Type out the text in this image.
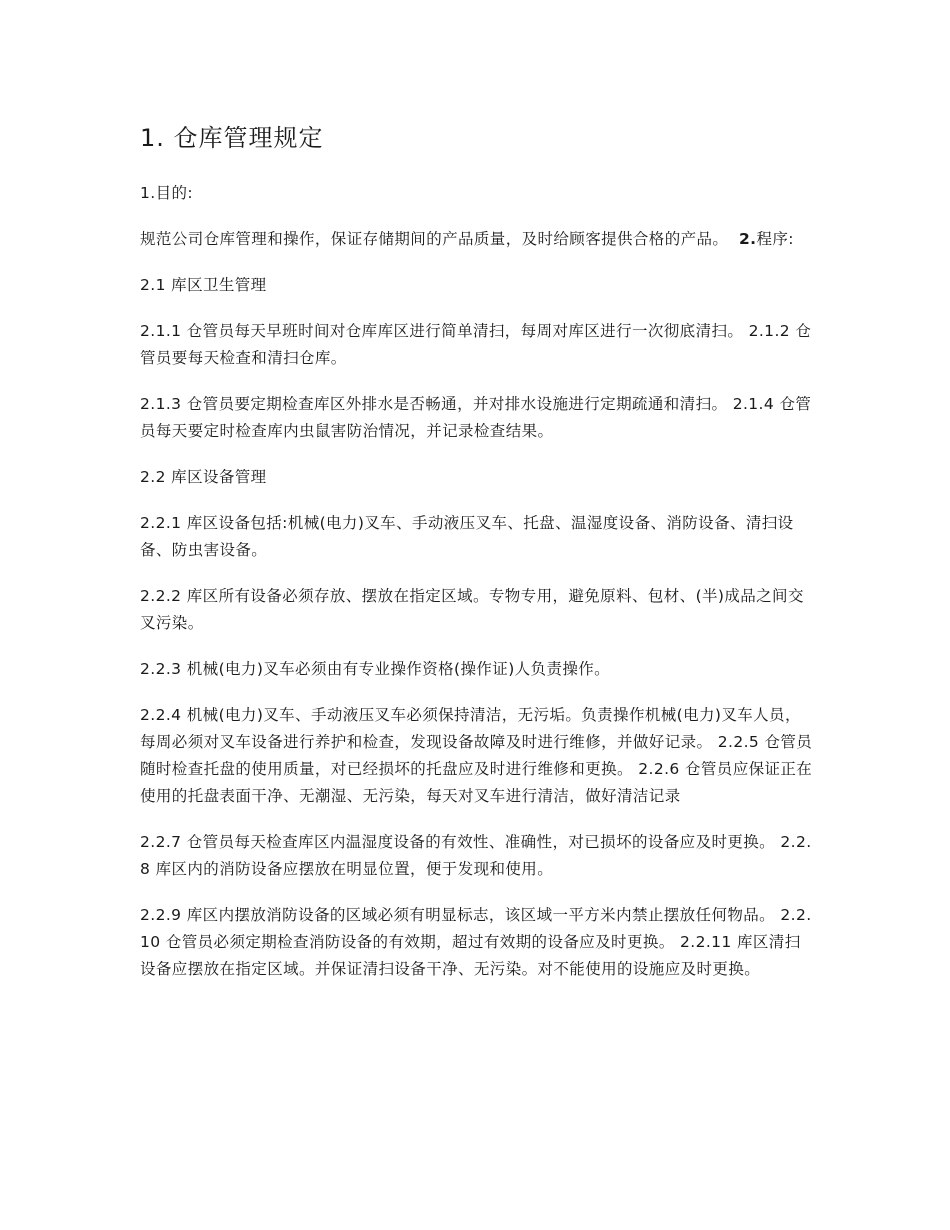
1. 仓库管理规定

1.目的:

规范公司仓库管理和操作，保证存储期间的产品质量，及时给顾客提供合格的产品。 2.程序:

2.1 库区卫生管理

2.1.1 仓管员每天早班时间对仓库库区进行简单清扫，每周对库区进行一次彻底清扫。 2.1.2 仓管员要每天检查和清扫仓库。

2.1.3 仓管员要定期检查库区外排水是否畅通，并对排水设施进行定期疏通和清扫。 2.1.4 仓管员每天要定时检查库内虫鼠害防治情况，并记录检查结果。

2.2 库区设备管理

2.2.1 库区设备包括:机械(电力)叉车、手动液压叉车、托盘、温湿度设备、消防设备、清扫设备、防虫害设备。

2.2.2 库区所有设备必须存放、摆放在指定区域。专物专用，避免原料、包材、(半)成品之间交叉污染。

2.2.3 机械(电力)叉车必须由有专业操作资格(操作证)人负责操作。

2.2.4 机械(电力)叉车、手动液压叉车必须保持清洁，无污垢。负责操作机械(电力)叉车人员，每周必须对叉车设备进行养护和检查，发现设备故障及时进行维修，并做好记录。 2.2.5 仓管员随时检查托盘的使用质量，对已经损坏的托盘应及时进行维修和更换。 2.2.6 仓管员应保证正在使用的托盘表面干净、无潮湿、无污染，每天对叉车进行清洁，做好清洁记录

2.2.7 仓管员每天检查库区内温湿度设备的有效性、准确性，对已损坏的设备应及时更换。 2.2.8 库区内的消防设备应摆放在明显位置，便于发现和使用。

2.2.9 库区内摆放消防设备的区域必须有明显标志，该区域一平方米内禁止摆放任何物品。 2.2.10 仓管员必须定期检查消防设备的有效期，超过有效期的设备应及时更换。 2.2.11 库区清扫设备应摆放在指定区域。并保证清扫设备干净、无污染。对不能使用的设施应及时更换。
